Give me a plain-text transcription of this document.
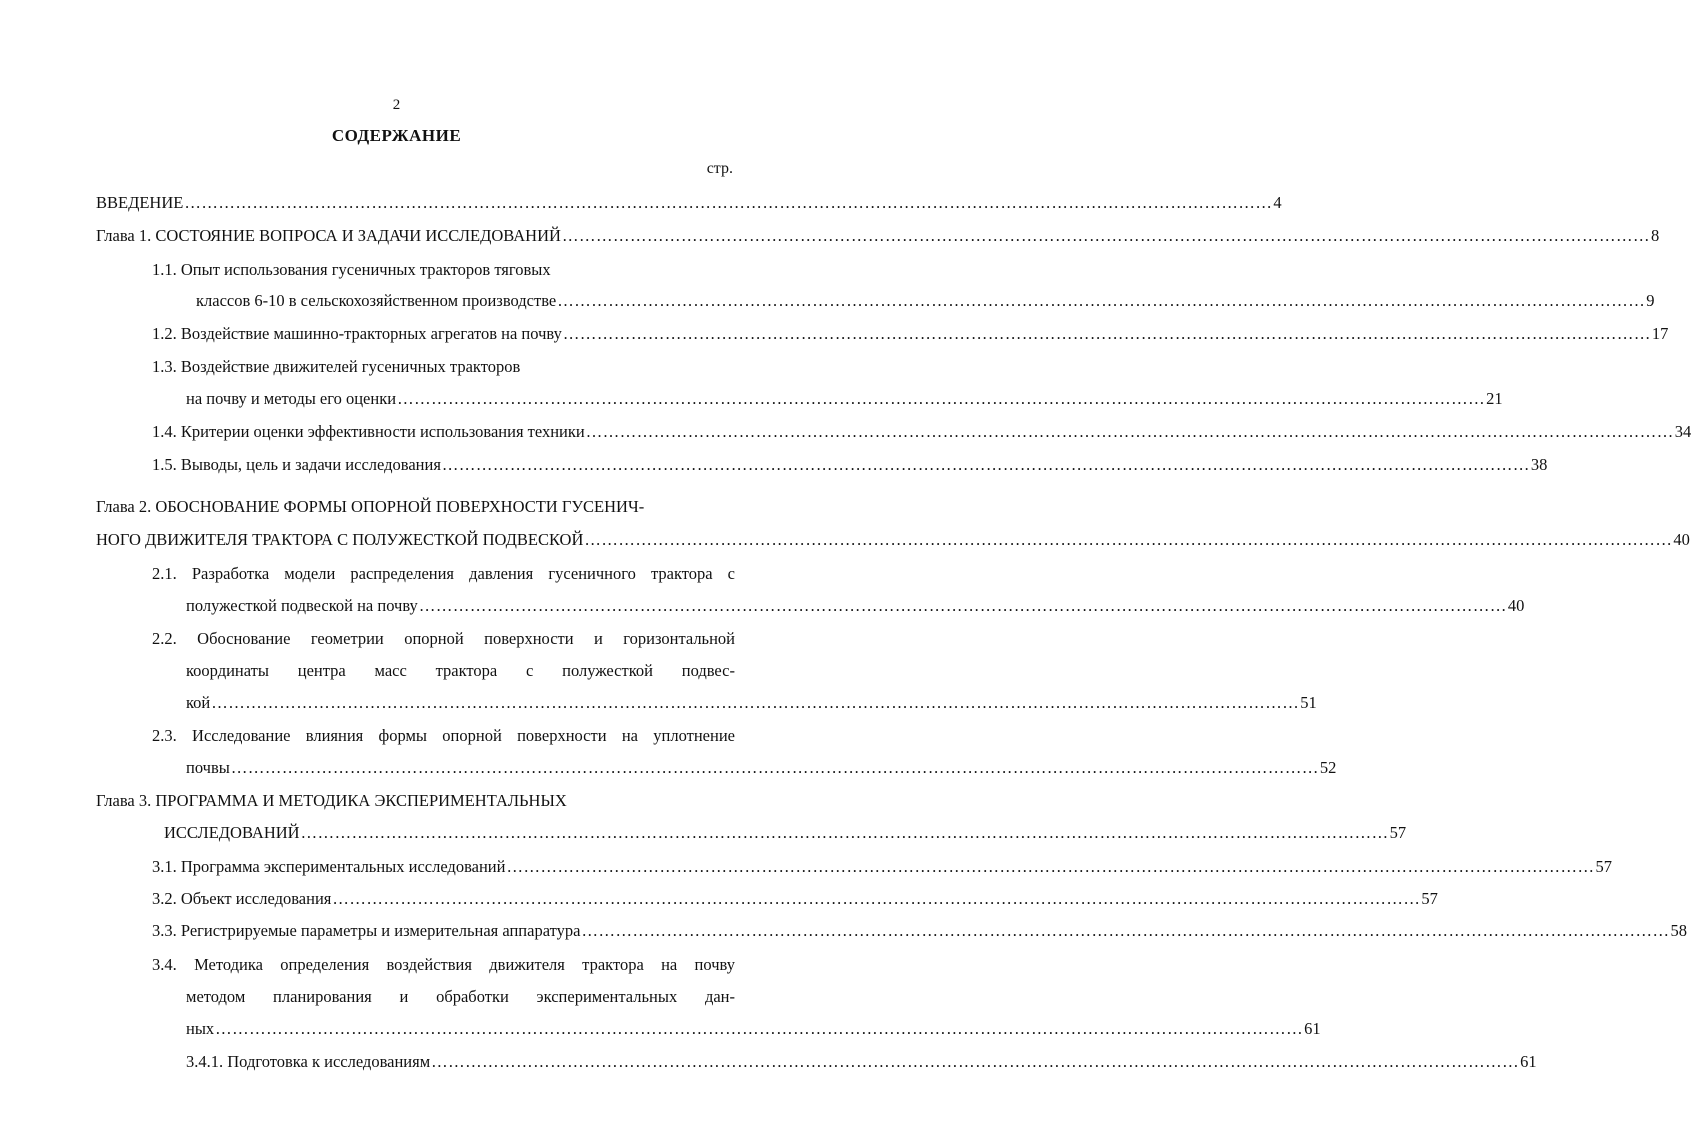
2
СОДЕРЖАНИЕ
стр.
ВВЕДЕНИЕ ………………………………………………………………………………………………………………………………………………………………………… 4
Глава 1. СОСТОЯНИЕ ВОПРОСА И ЗАДАЧИ ИССЛЕДОВАНИЙ ………………………………………………………………………………………………………………………………………………………………………… 8
1.1. Опыт использования гусеничных тракторов тяговых
классов 6-10 в сельскохозяйственном производстве ………………………………………………………………………………………………………………………………………………………………………… 9
1.2. Воздействие машинно-тракторных агрегатов на почву ………………………………………………………………………………………………………………………………………………………………………… 17
1.3. Воздействие движителей гусеничных тракторов
на почву и методы его оценки ………………………………………………………………………………………………………………………………………………………………………… 21
1.4. Критерии оценки эффективности использования техники ………………………………………………………………………………………………………………………………………………………………………… 34
1.5. Выводы, цель и задачи исследования ………………………………………………………………………………………………………………………………………………………………………… 38
Глава 2. ОБОСНОВАНИЕ ФОРМЫ ОПОРНОЙ ПОВЕРХНОСТИ ГУСЕНИЧ-
НОГО ДВИЖИТЕЛЯ ТРАКТОРА С ПОЛУЖЕСТКОЙ ПОДВЕСКОЙ ………………………………………………………………………………………………………………………………………………………………………… 40
2.1. Разработка модели распределения давления гусеничного трактора с
полужесткой подвеской на почву ………………………………………………………………………………………………………………………………………………………………………… 40
2.2. Обоснование геометрии опорной поверхности и горизонтальной
координаты центра масс трактора с полужесткой подвес-
кой ………………………………………………………………………………………………………………………………………………………………………… 51
2.3. Исследование влияния формы опорной поверхности на уплотнение
почвы ………………………………………………………………………………………………………………………………………………………………………… 52
Глава 3. ПРОГРАММА И МЕТОДИКА ЭКСПЕРИМЕНТАЛЬНЫХ
ИССЛЕДОВАНИЙ ………………………………………………………………………………………………………………………………………………………………………… 57
3.1. Программа экспериментальных исследований ………………………………………………………………………………………………………………………………………………………………………… 57
3.2. Объект исследования ………………………………………………………………………………………………………………………………………………………………………… 57
3.3. Регистрируемые параметры и измерительная аппаратура ………………………………………………………………………………………………………………………………………………………………………… 58
3.4. Методика определения воздействия движителя трактора на почву
методом планирования и обработки экспериментальных дан-
ных ………………………………………………………………………………………………………………………………………………………………………… 61
3.4.1. Подготовка к исследованиям ………………………………………………………………………………………………………………………………………………………………………… 61
